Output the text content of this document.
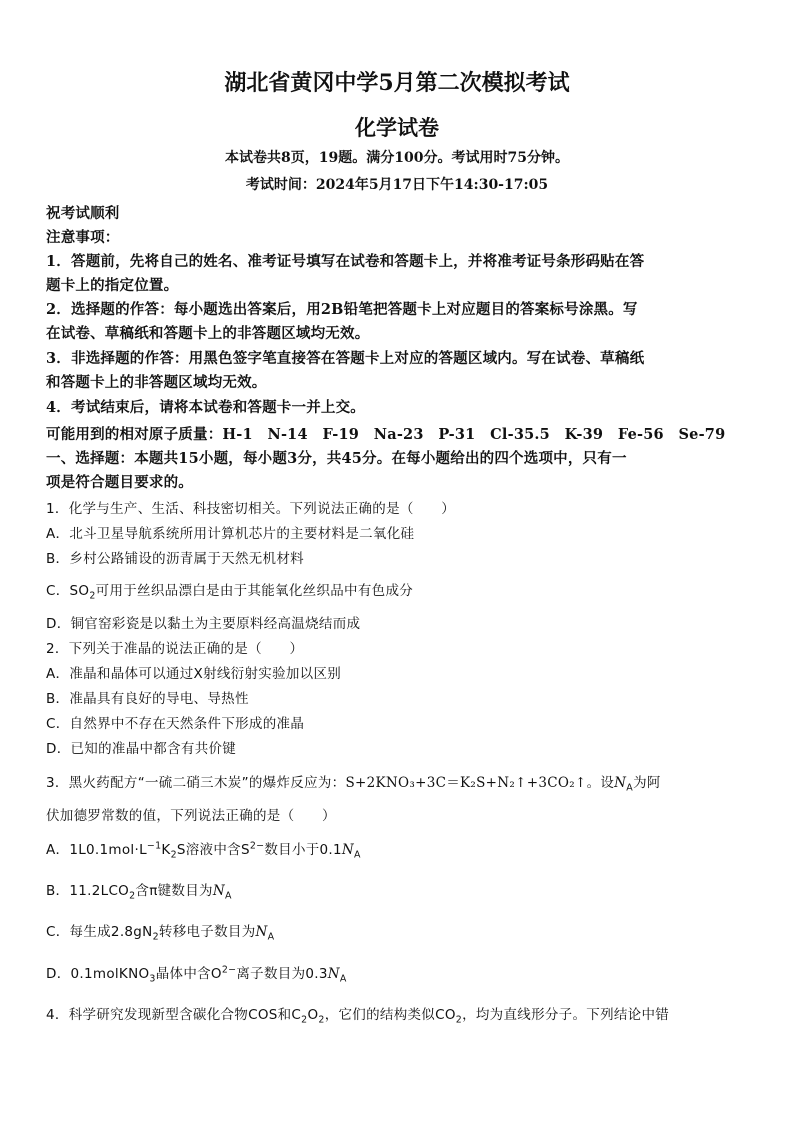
湖北省黄冈中学5月第二次模拟考试
化学试卷
本试卷共8页，19题。满分100分。考试用时75分钟。
考试时间：2024年5月17日下午14:30-17:05
祝考试顺利
注意事项：
1．答题前，先将自己的姓名、准考证号填写在试卷和答题卡上，并将准考证号条形码贴在答
题卡上的指定位置。
2．选择题的作答：每小题选出答案后，用2B铅笔把答题卡上对应题目的答案标号涂黑。写
在试卷、草稿纸和答题卡上的非答题区域均无效。
3．非选择题的作答：用黑色签字笔直接答在答题卡上对应的答题区域内。写在试卷、草稿纸
和答题卡上的非答题区域均无效。
4．考试结束后，请将本试卷和答题卡一并上交。
可能用到的相对原子质量：H-1　N-14　F-19　Na-23　P-31　Cl-35.5　K-39　Fe-56　Se-79
一、选择题：本题共15小题，每小题3分，共45分。在每小题给出的四个选项中，只有一
项是符合题目要求的。
1．化学与生产、生活、科技密切相关。下列说法正确的是（　　）
A．北斗卫星导航系统所用计算机芯片的主要材料是二氧化硅
B．乡村公路铺设的沥青属于天然无机材料
C．$SO_2$可用于丝织品漂白是由于其能氧化丝织品中有色成分
D．铜官窑彩瓷是以黏土为主要原料经高温烧结而成
2．下列关于准晶的说法正确的是（　　）
A．准晶和晶体可以通过X射线衍射实验加以区别
B．准晶具有良好的导电、导热性
C．自然界中不存在天然条件下形成的准晶
D．已知的准晶中都含有共价键
3．黑火药配方“一硫二硝三木炭”的爆炸反应为：S+2KNO₃+3C＝K₂S+N₂↑+3CO₂↑。设$N_A$为阿
伏加德罗常数的值，下列说法正确的是（　　）
A．$1L0.1mol\cdot L^{-1}K_2S$溶液中含$S^{2-}$数目小于$0.1N_A$
B．$11.2LCO_2$含π键数目为$N_A$
C．每生成$2.8gN_2$转移电子数目为$N_A$
D．0.1molKNO$_3$晶体中含$O^{2-}$离子数目为$0.3N_A$
4．科学研究发现新型含碳化合物COS和$C_2O_2$，它们的结构类似$CO_2$，均为直线形分子。下列结论中错
